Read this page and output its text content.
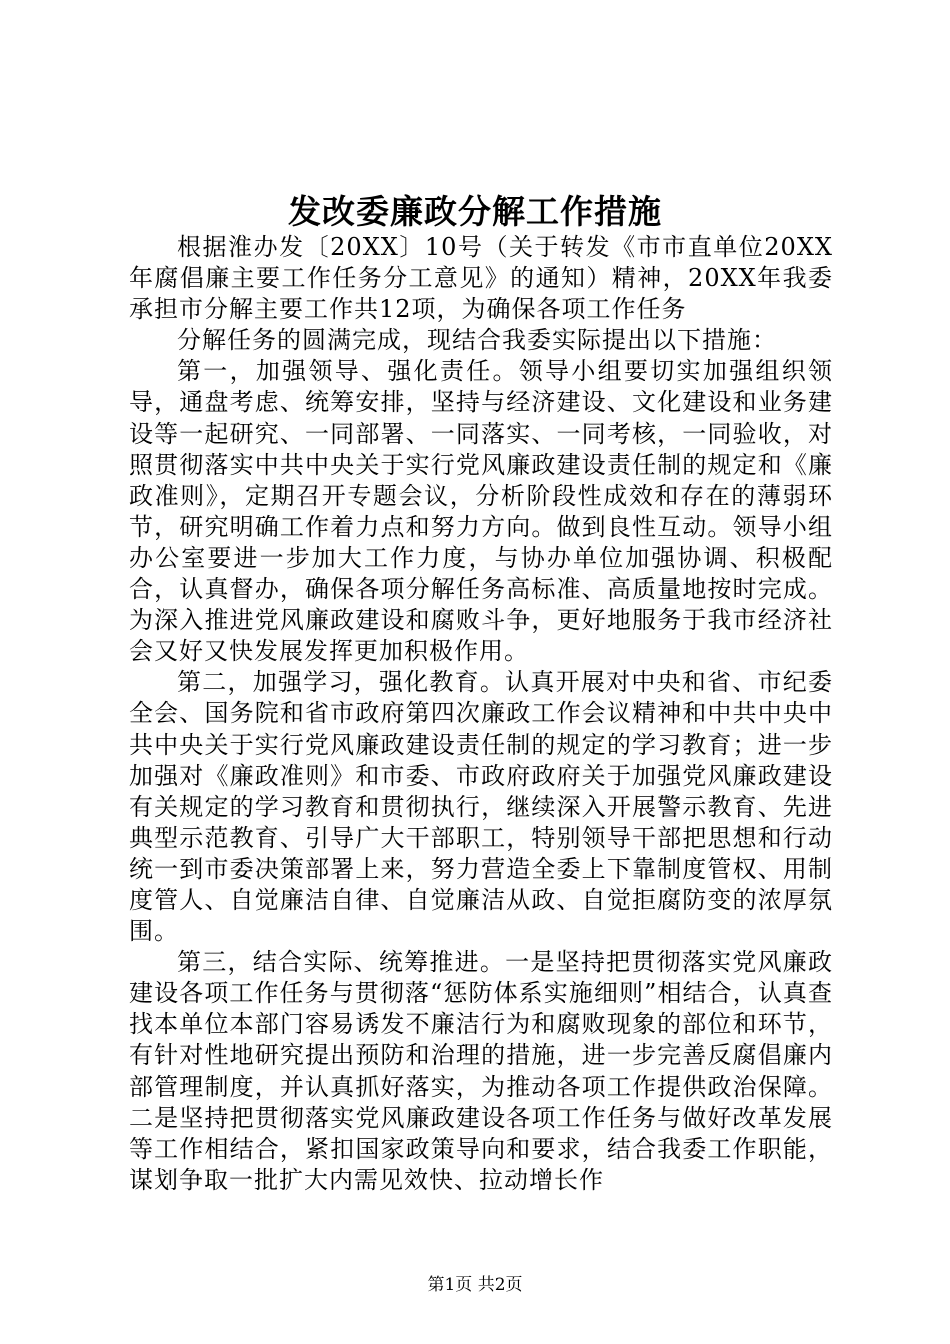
发改委廉政分解工作措施

根据淮办发〔20XX〕10号（关于转发《市市直单位20XX年腐倡廉主要工作任务分工意见》的通知）精神，20XX年我委承担市分解主要工作共12项，为确保各项工作任务

分解任务的圆满完成，现结合我委实际提出以下措施：

第一，加强领导、强化责任。领导小组要切实加强组织领导，通盘考虑、统筹安排，坚持与经济建设、文化建设和业务建设等一起研究、一同部署、一同落实、一同考核，一同验收，对照贯彻落实中共中央关于实行党风廉政建设责任制的规定和《廉政准则》，定期召开专题会议，分析阶段性成效和存在的薄弱环节，研究明确工作着力点和努力方向。做到良性互动。领导小组办公室要进一步加大工作力度，与协办单位加强协调、积极配合，认真督办，确保各项分解任务高标准、高质量地按时完成。为深入推进党风廉政建设和腐败斗争，更好地服务于我市经济社会又好又快发展发挥更加积极作用。

第二，加强学习，强化教育。认真开展对中央和省、市纪委全会、国务院和省市政府第四次廉政工作会议精神和中共中央中共中央关于实行党风廉政建设责任制的规定的学习教育；进一步加强对《廉政准则》和市委、市政府政府关于加强党风廉政建设有关规定的学习教育和贯彻执行，继续深入开展警示教育、先进典型示范教育、引导广大干部职工，特别领导干部把思想和行动统一到市委决策部署上来，努力营造全委上下靠制度管权、用制度管人、自觉廉洁自律、自觉廉洁从政、自觉拒腐防变的浓厚氛围。

第三，结合实际、统筹推进。一是坚持把贯彻落实党风廉政建设各项工作任务与贯彻落“惩防体系实施细则”相结合，认真查找本单位本部门容易诱发不廉洁行为和腐败现象的部位和环节，有针对性地研究提出预防和治理的措施，进一步完善反腐倡廉内部管理制度，并认真抓好落实，为推动各项工作提供政治保障。二是坚持把贯彻落实党风廉政建设各项工作任务与做好改革发展等工作相结合，紧扣国家政策导向和要求，结合我委工作职能，谋划争取一批扩大内需见效快、拉动增长作

第1页 共2页
